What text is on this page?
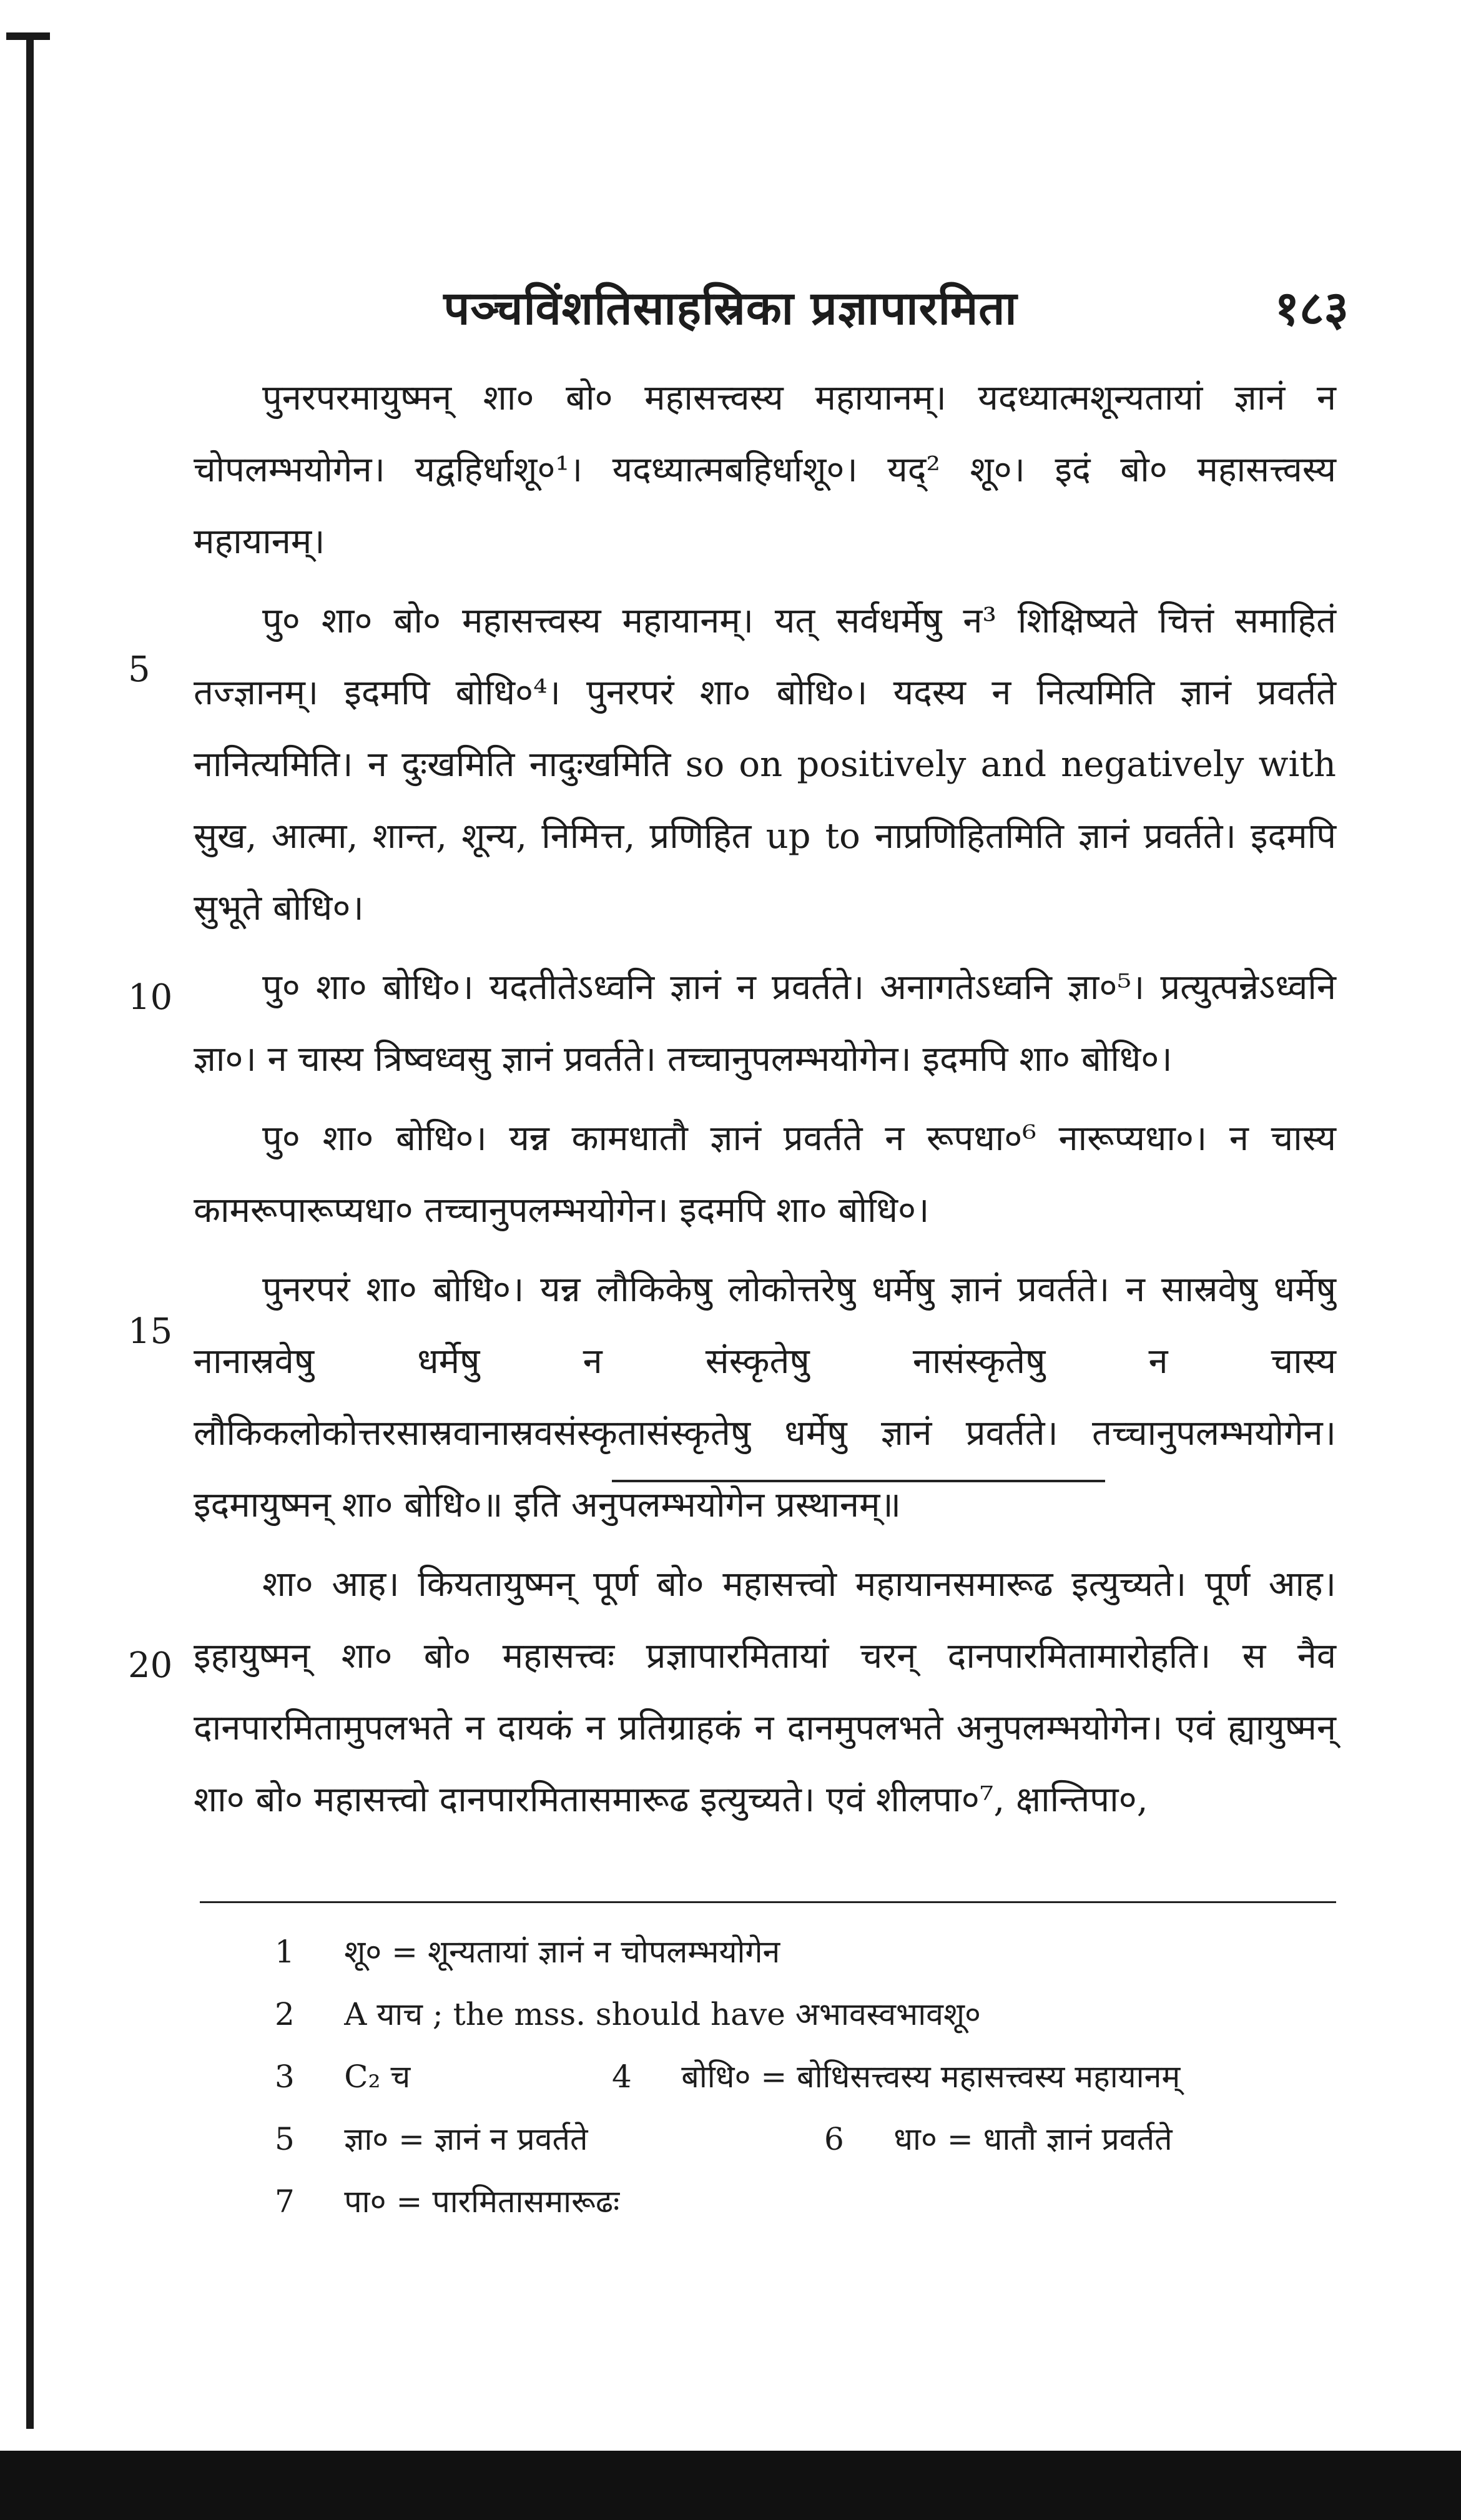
पञ्चविंशतिसाहस्रिका प्रज्ञापारमिता	१८३

पुनरपरमायुष्मन् शा० बो० महासत्त्वस्य महायानम्। यदध्यात्मशून्यतायां ज्ञानं न चोपलम्भयोगेन। यद्वहिर्धाशू०¹। यदध्यात्मबहिर्धाशू०। यद्² शू०। इदं बो० महासत्त्वस्य महायानम्।

पु० शा० बो० महासत्त्वस्य महायानम्। यत् सर्वधर्मेषु न³ शिक्षिष्यते चित्तं समाहितं तज्ज्ञानम्। इदमपि बोधि०⁴। पुनरपरं शा० बोधि०। यदस्य न नित्यमिति ज्ञानं प्रवर्तते नानित्यमिति। न दुःखमिति नादुःखमिति so on positively and negatively with सुख, आत्मा, शान्त, शून्य, निमित्त, प्रणिहित up to नाप्रणिहितमिति ज्ञानं प्रवर्तते। इदमपि सुभूते बोधि०।

पु० शा० बोधि०। यदतीतेऽध्वनि ज्ञानं न प्रवर्तते। अनागतेऽध्वनि ज्ञा०⁵। प्रत्युत्पन्नेऽध्वनि ज्ञा०। न चास्य त्रिष्वध्वसु ज्ञानं प्रवर्तते। तच्चानुपलम्भयोगेन। इदमपि शा० बोधि०।

पु० शा० बोधि०। यन्न कामधातौ ज्ञानं प्रवर्तते न रूपधा०⁶ नारूप्यधा०। न चास्य कामरूपारूप्यधा० तच्चानुपलम्भयोगेन। इदमपि शा० बोधि०।

पुनरपरं शा० बोधि०। यन्न लौकिकेषु लोकोत्तरेषु धर्मेषु ज्ञानं प्रवर्तते। न सास्रवेषु धर्मेषु नानास्रवेषु धर्मेषु न संस्कृतेषु नासंस्कृतेषु न चास्य लौकिकलोकोत्तरसास्रवानास्रवसंस्कृतासंस्कृतेषु धर्मेषु ज्ञानं प्रवर्तते। तच्चानुपलम्भयोगेन। इदमायुष्मन् शा० बोधि०॥ इति अनुपलम्भयोगेन प्रस्थानम्॥

शा० आह। कियतायुष्मन् पूर्ण बो० महासत्त्वो महायानसमारूढ इत्युच्यते। पूर्ण आह। इहायुष्मन् शा० बो० महासत्त्वः प्रज्ञापारमितायां चरन् दानपारमितामारोहति। स नैव दानपारमितामुपलभते न दायकं न प्रतिग्राहकं न दानमुपलभते अनुपलम्भयोगेन। एवं ह्यायुष्मन् शा० बो० महासत्त्वो दानपारमितासमारूढ इत्युच्यते। एवं शीलपा०⁷, क्षान्तिपा०,

5
10
15
20
1 शू० = शून्यतायां ज्ञानं न चोपलम्भयोगेन
2 A याच ; the mss. should have अभावस्वभावशू०
3 C₂ च	4 बोधि० = बोधिसत्त्वस्य महासत्त्वस्य महायानम्
5 ज्ञा० = ज्ञानं न प्रवर्तते	6 धा० = धातौ ज्ञानं प्रवर्तते
7 पा० = पारमितासमारूढः
